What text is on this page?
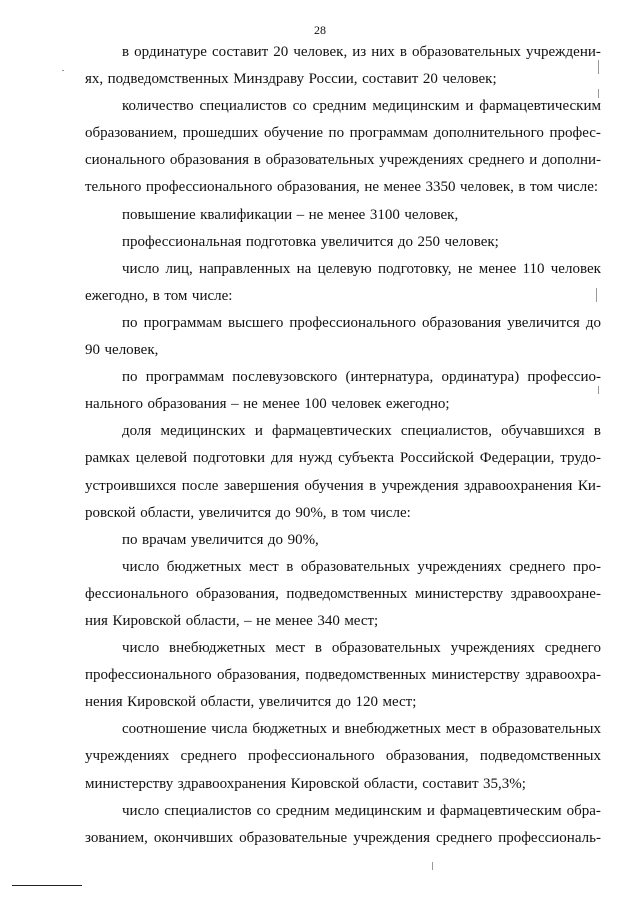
28
в ординатуре составит 20 человек, из них в образовательных учреждени-
ях, подведомственных Минздраву России, составит 20 человек;
количество специалистов со средним медицинским и фармацевтическим
образованием, прошедших обучение по программам дополнительного профес-
сионального образования в образовательных учреждениях среднего и дополни-
тельного профессионального образования, не менее 3350 человек, в том числе:
повышение квалификации – не менее 3100 человек,
профессиональная подготовка увеличится до 250 человек;
число лиц, направленных на целевую подготовку, не менее 110 человек
ежегодно, в том числе:
по программам высшего профессионального образования увеличится до
90 человек,
по программам послевузовского (интернатура, ординатура) профессио-
нального образования – не менее 100 человек ежегодно;
доля медицинских и фармацевтических специалистов, обучавшихся в
рамках целевой подготовки для нужд субъекта Российской Федерации, трудо-
устроившихся после завершения обучения в учреждения здравоохранения Ки-
ровской области, увеличится до 90%, в том числе:
по врачам увеличится до 90%,
число бюджетных мест в образовательных учреждениях среднего про-
фессионального образования, подведомственных министерству здравоохране-
ния Кировской области, – не менее 340 мест;
число внебюджетных мест в образовательных учреждениях среднего
профессионального образования, подведомственных министерству здравоохра-
нения Кировской области, увеличится до 120 мест;
соотношение числа бюджетных и внебюджетных мест в образовательных
учреждениях среднего профессионального образования, подведомственных
министерству здравоохранения Кировской области, составит 35,3%;
число специалистов со средним медицинским и фармацевтическим обра-
зованием, окончивших образовательные учреждения среднего профессиональ-
